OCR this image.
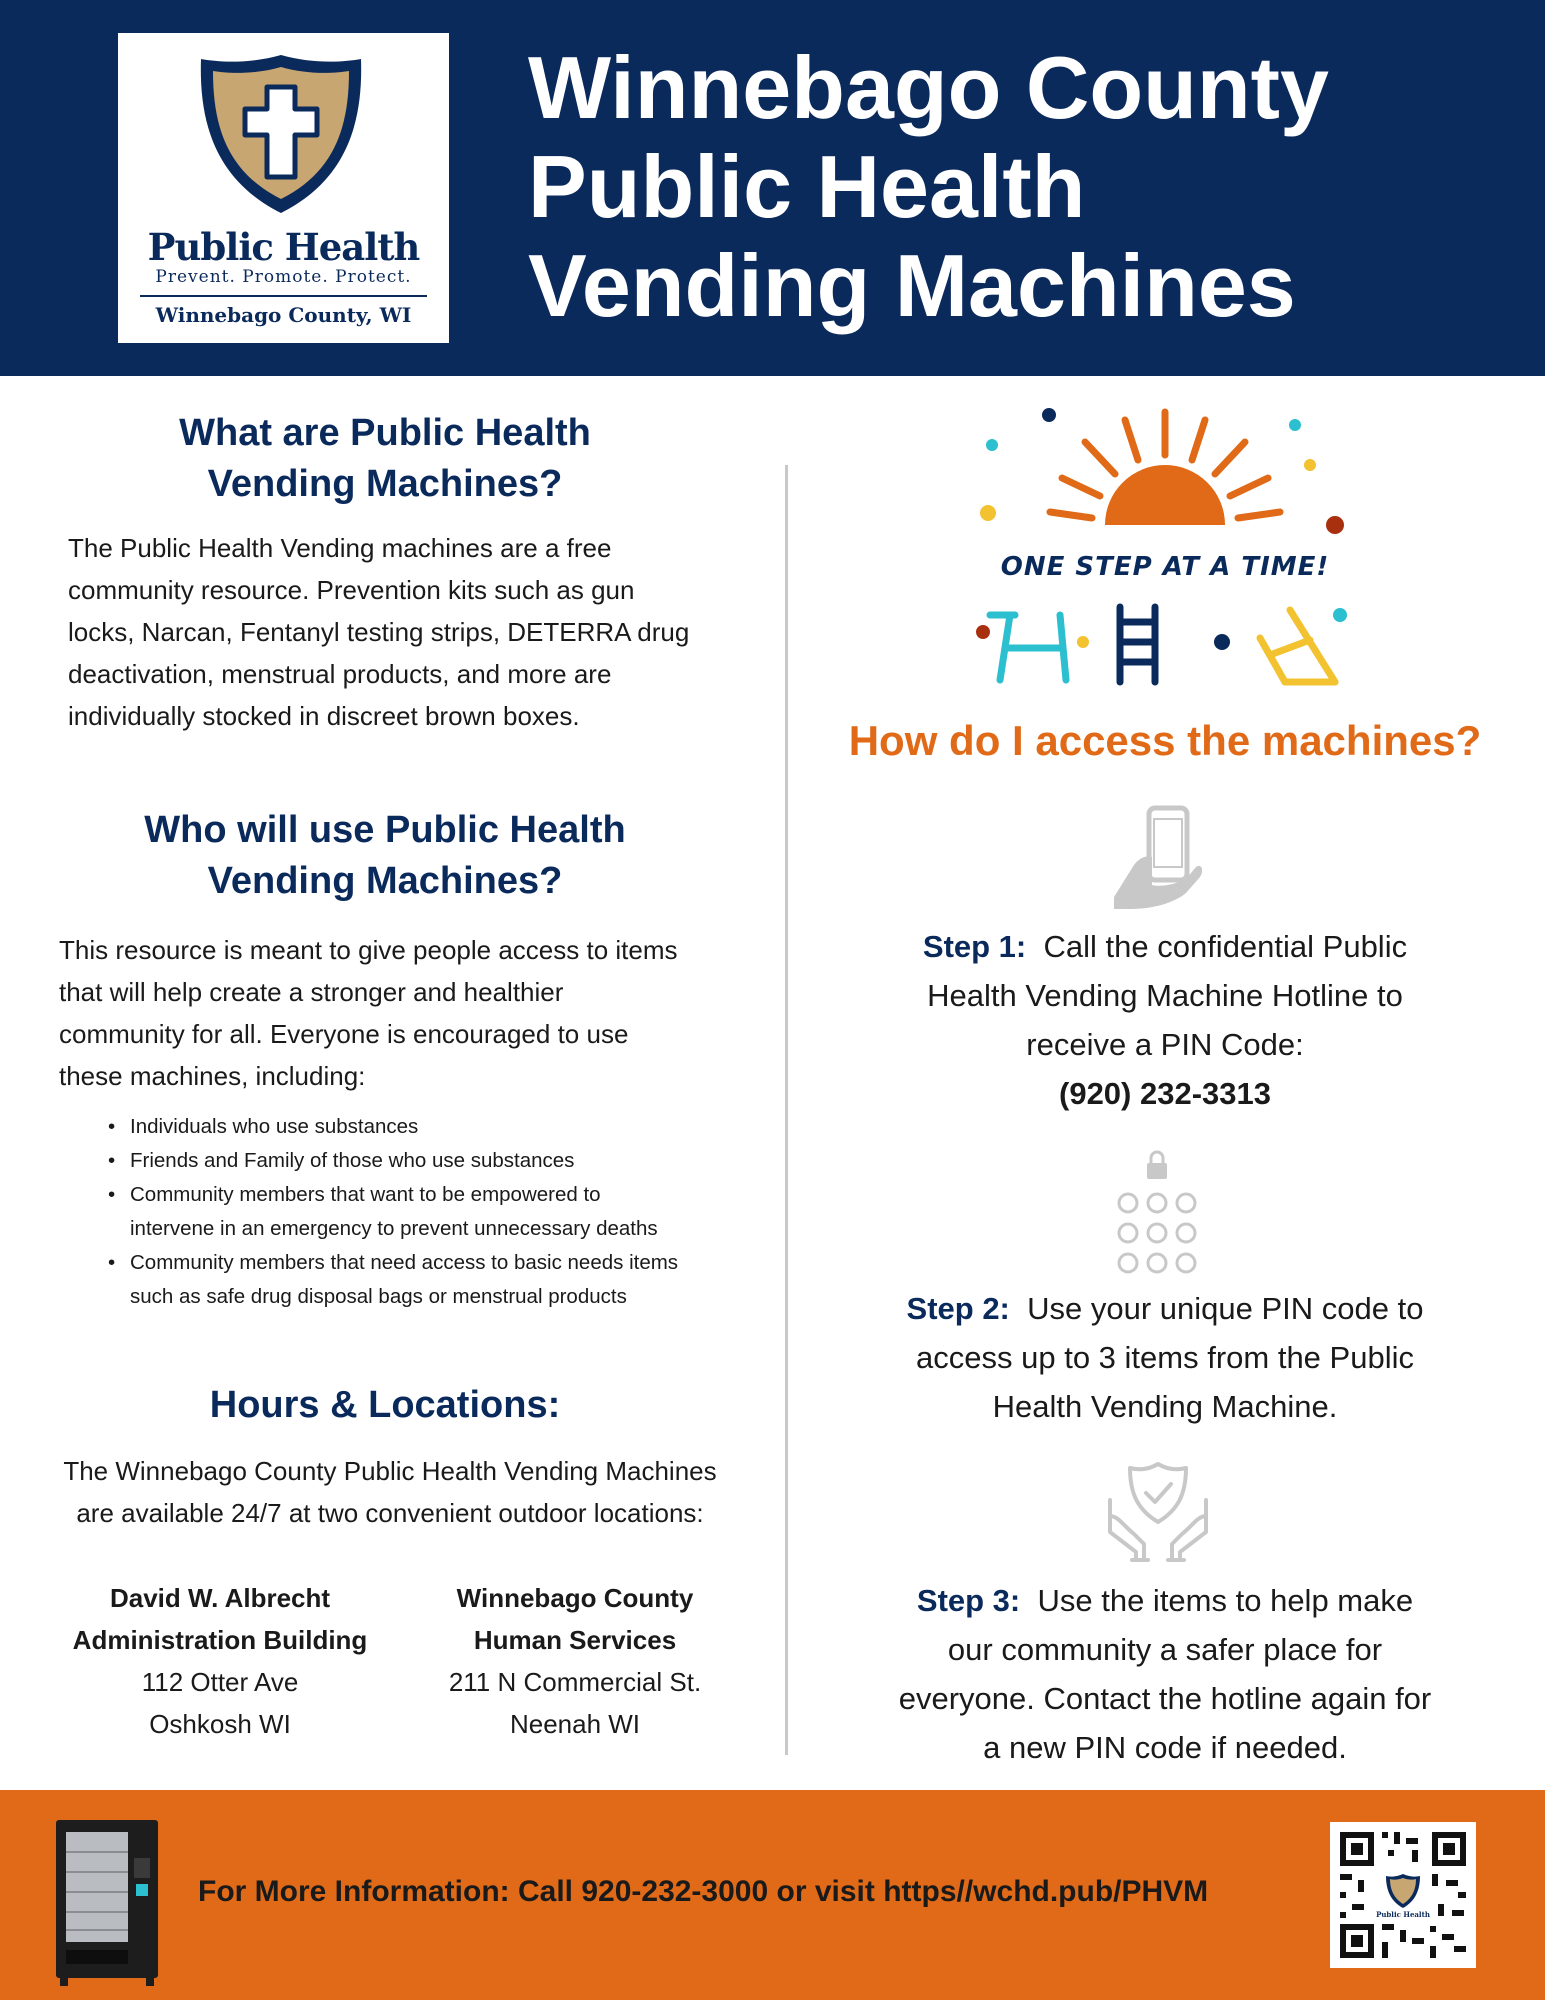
Public Health
Prevent. Promote. Protect.
Winnebago County, WI
Winnebago County
Public Health
Vending Machines
What are Public Health
Vending Machines?
The Public Health Vending machines are a free
community resource. Prevention kits such as gun
locks, Narcan, Fentanyl testing strips, DETERRA drug
deactivation, menstrual products, and more are
individually stocked in discreet brown boxes.
Who will use Public Health
Vending Machines?
This resource is meant to give people access to items
that will help create a stronger and healthier
community for all. Everyone is encouraged to use
these machines, including:
• Individuals who use substances
• Friends and Family of those who use substances
• Community members that want to be empowered to
intervene in an emergency to prevent unnecessary deaths
• Community members that need access to basic needs items
such as safe drug disposal bags or menstrual products
Hours & Locations:
The Winnebago County Public Health Vending Machines
are available 24/7 at two convenient outdoor locations:
David W. Albrecht
Administration Building
112 Otter Ave
Oshkosh WI
Winnebago County
Human Services
211 N Commercial St.
Neenah WI
ONE STEP AT A TIME!
How do I access the machines?
Step 1: Call the confidential Public
Health Vending Machine Hotline to
receive a PIN Code:
(920) 232-3313
Step 2: Use your unique PIN code to
access up to 3 items from the Public
Health Vending Machine.
Step 3: Use the items to help make
our community a safer place for
everyone. Contact the hotline again for
a new PIN code if needed.
For More Information: Call 920-232-3000 or visit https//wchd.pub/PHVM
Public Health
